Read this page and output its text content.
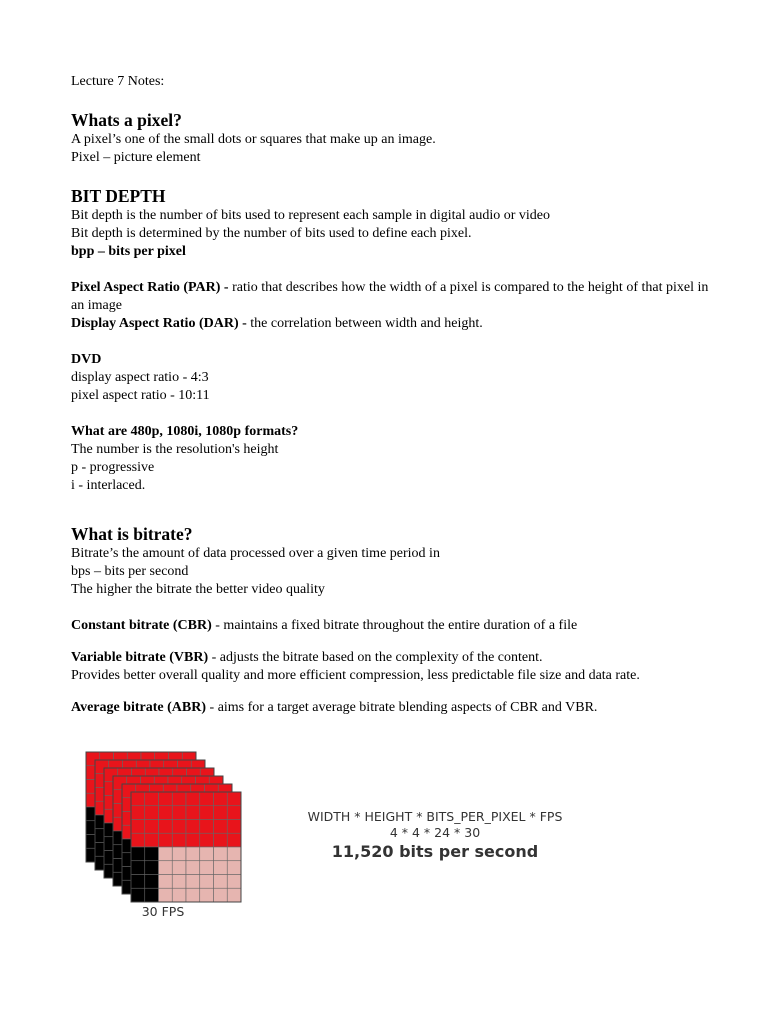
Lecture 7 Notes:
Whats a pixel?
A pixel’s one of the small dots or squares that make up an image.
Pixel – picture element
BIT DEPTH
Bit depth is the number of bits used to represent each sample in digital audio or video
Bit depth is determined by the number of bits used to define each pixel.
bpp – bits per pixel
Pixel Aspect Ratio (PAR) - ratio that describes how the width of a pixel is compared to the height of that pixel in an image
Display Aspect Ratio (DAR) - the correlation between width and height.
DVD
display aspect ratio - 4:3
pixel aspect ratio - 10:11
What are 480p, 1080i, 1080p formats?
The number is the resolution's height
p - progressive
i - interlaced.
What is bitrate?
Bitrate’s the amount of data processed over a given time period in
bps – bits per second
The higher the bitrate the better video quality
Constant bitrate (CBR) - maintains a fixed bitrate throughout the entire duration of a file
Variable bitrate (VBR) - adjusts the bitrate based on the complexity of the content.
Provides better overall quality and more efficient compression, less predictable file size and data rate.
Average bitrate (ABR) - aims for a target average bitrate blending aspects of CBR and VBR.
WIDTH * HEIGHT * BITS_PER_PIXEL * FPS
4 * 4 * 24 * 30
11,520 bits per second
30 FPS
